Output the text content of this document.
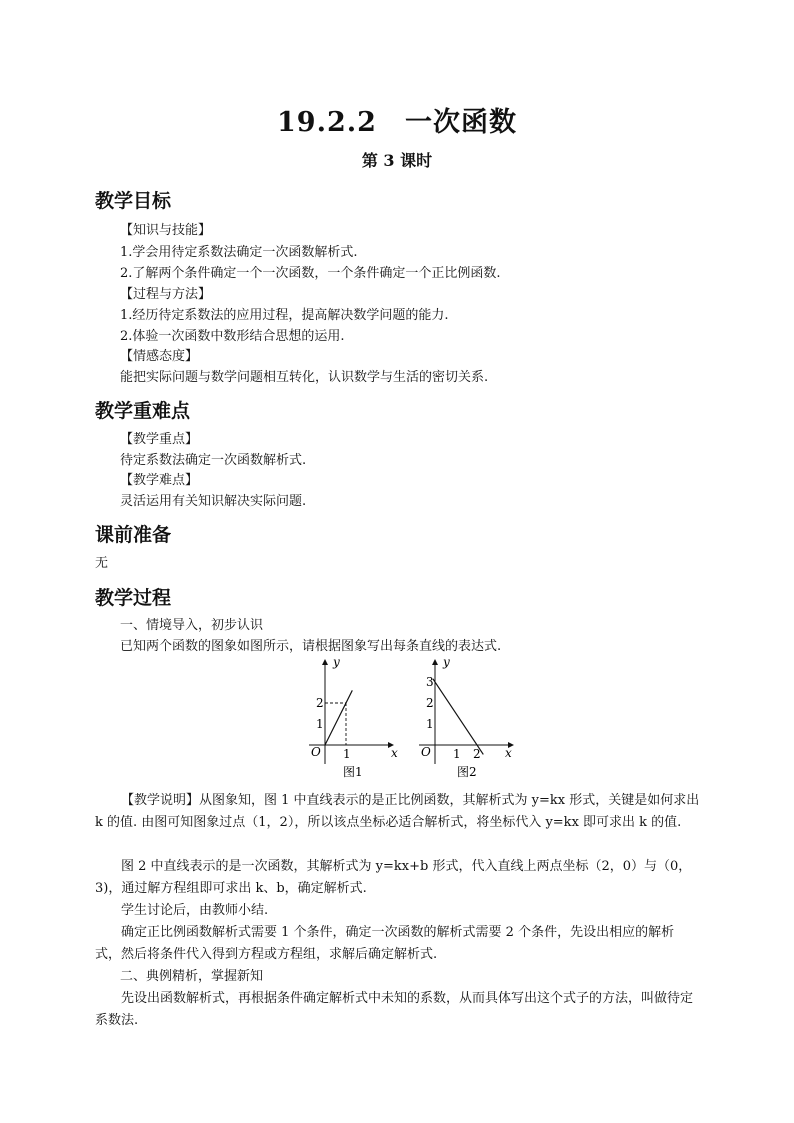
19.2.2　一次函数
第 3 课时
教学目标
【知识与技能】
1.学会用待定系数法确定一次函数解析式.
2.了解两个条件确定一个一次函数，一个条件确定一个正比例函数.
【过程与方法】
1.经历待定系数法的应用过程，提高解决数学问题的能力.
2.体验一次函数中数形结合思想的运用.
【情感态度】
能把实际问题与数学问题相互转化，认识数学与生活的密切关系.
教学重难点
【教学重点】
待定系数法确定一次函数解析式.
【教学难点】
灵活运用有关知识解决实际问题.
课前准备
无
教学过程
一、情境导入，初步认识
已知两个函数的图象如图所示，请根据图象写出每条直线的表达式.
y
x
O
1
2
1
图1
y
x
O
1
2
3
1 2
图2
【教学说明】从图象知，图 1 中直线表示的是正比例函数，其解析式为 y=kx 形式，关键是如何求出 k 的值. 由图可知图象过点（1，2），所以该点坐标必适合解析式，将坐标代入 y=kx 即可求出 k 的值.
图 2 中直线表示的是一次函数，其解析式为 y=kx+b 形式，代入直线上两点坐标（2，0）与（0，3)，通过解方程组即可求出 k、b，确定解析式.
学生讨论后，由教师小结.
确定正比例函数解析式需要 1 个条件，确定一次函数的解析式需要 2 个条件，先设出相应的解析式，然后将条件代入得到方程或方程组，求解后确定解析式.
二、典例精析，掌握新知
先设出函数解析式，再根据条件确定解析式中未知的系数，从而具体写出这个式子的方法，叫做待定系数法.
